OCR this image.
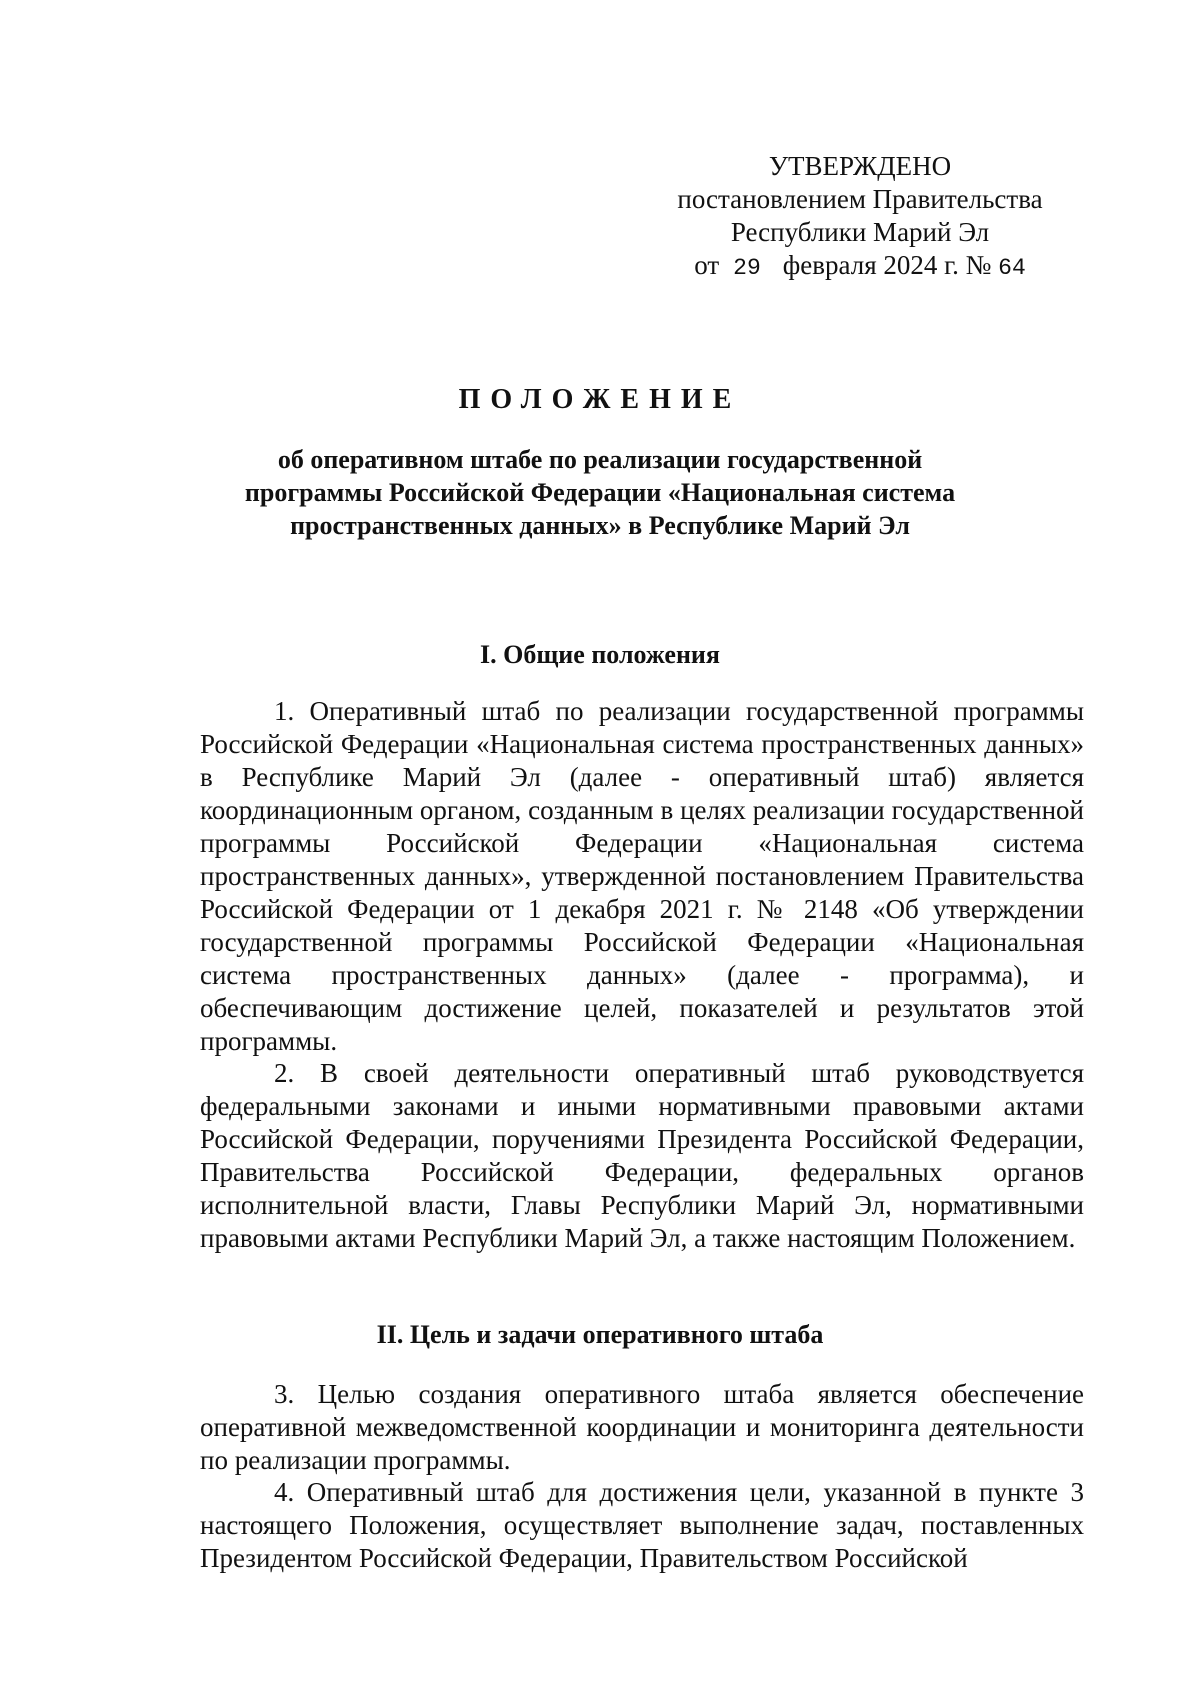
УТВЕРЖДЕНО
постановлением Правительства
Республики Марий Эл
от 29 февраля 2024 г. № 64
ПОЛОЖЕНИЕ
об оперативном штабе по реализации государственной
программы Российской Федерации «Национальная система
пространственных данных» в Республике Марий Эл
I. Общие положения

1. Оперативный штаб по реализации государственной программы Российской Федерации «Национальная система пространственных данных» в Республике Марий Эл (далее - оперативный штаб) является координационным органом, созданным в целях реализации государственной программы Российской Федерации «Национальная система пространственных данных», утвержденной постановлением Правительства Российской Федерации от 1 декабря 2021 г. № 2148 «Об утверждении государственной программы Российской Федерации «Национальная система пространственных данных» (далее - программа), и обеспечивающим достижение целей, показателей и результатов этой программы.

2. В своей деятельности оперативный штаб руководствуется федеральными законами и иными нормативными правовыми актами Российской Федерации, поручениями Президента Российской Федерации, Правительства Российской Федерации, федеральных органов исполнительной власти, Главы Республики Марий Эл, нормативными правовыми актами Республики Марий Эл, а также настоящим Положением.

II. Цель и задачи оперативного штаба

3. Целью создания оперативного штаба является обеспечение оперативной межведомственной координации и мониторинга деятельности по реализации программы.

4. Оперативный штаб для достижения цели, указанной в пункте 3 настоящего Положения, осуществляет выполнение задач, поставленных Президентом Российской Федерации, Правительством Российской
